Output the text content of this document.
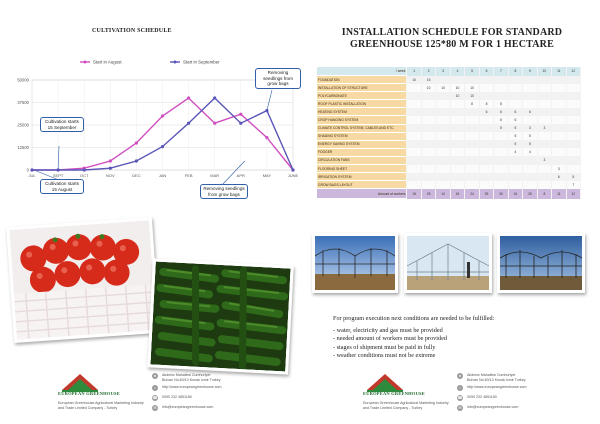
CULTIVATION SCHEDULE
0
12500
25000
37500
50000
JUL	SEPT	OCT	NOV	DEC	JAN	FEB	MAR	APR	MAY	JUNE
Start in August	Start in September
Cultivation starts 15 September
Cultivation starts 15 August
Removing seedlings from grow bags
Removing seedlings from grow bags
INSTALLATION SCHEDULE FOR STANDARD GREENHOUSE 125*80 M FOR 1 HECTARE
/ week	1	2	3	4	5	6	7	8	9	10	11	12
FOUNDATION	10	15										
INSTALLATION OF STRUCTURE		10	10	10	10							
POLYCARBONATE				10	10							
ROOF PLASTIC INSTALLATION					8	8	8					
HEATING SYSTEM						6	6	6	6			
CROP HANGING SYSTEM							6	6				
CLIMATE CONTROL SYSTEM, CABLES AND ETC.							5	5	3	3		
SHADING SYSTEM								5	5			
ENERGY SAVING SYSTEM								5	5			
FOGGER								4	4			
CIRCULATION FANS										3		
FLOORING SHEET											3	
IRRIGATION SYSTEM											6	5
GROW BAGS LAYOUT												7
Amount of workers	15	25	10	16	24	25	30	24	25	8	11	12
For program execution next conditions are needed to be fulfilled:
- water, electricity and gas must be provided
- needed amount of workers must be provided
- stages of shipment must be paid in fully
- weather conditions must not be extreme
EUROPEAN GREENHOUSE
European Greenhouse Agricultural Marketing Industry and Trade Limited Company - Turkey
●	Akdeniz Mahallesi Cumhuriyet Bulvarı No:63/13 Konak İzmir Turkey
○	http://www.europeangreenhouse.com
☎ 0090 232 4851180
✉	info@europeangreenhouse.com
EUROPEAN GREENHOUSE
European Greenhouse Agricultural Marketing Industry and Trade Limited Company - Turkey
●	Akdeniz Mahallesi Cumhuriyet Bulvarı No:63/13 Konak İzmir Turkey
○	http://www.europeangreenhouse.com
☎ 0090 232 4851180
✉	info@europeangreenhouse.com
